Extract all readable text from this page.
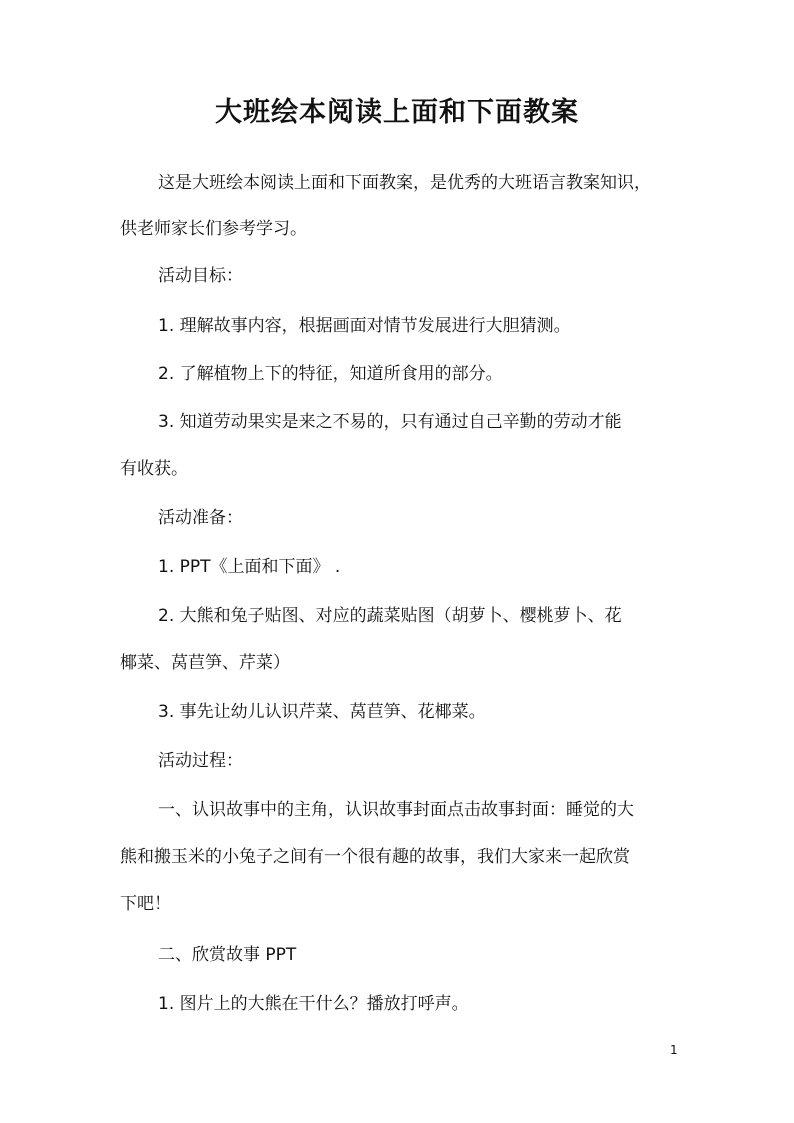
大班绘本阅读上面和下面教案
这是大班绘本阅读上面和下面教案，是优秀的大班语言教案知识，
供老师家长们参考学习。
活动目标：
1. 理解故事内容，根据画面对情节发展进行大胆猜测。
2. 了解植物上下的特征，知道所食用的部分。
3. 知道劳动果实是来之不易的，只有通过自己辛勤的劳动才能
有收获。
活动准备：
1. PPT《上面和下面》 .
2. 大熊和兔子贴图、对应的蔬菜贴图（胡萝卜、樱桃萝卜、花
椰菜、莴苣笋、芹菜）
3. 事先让幼儿认识芹菜、莴苣笋、花椰菜。
活动过程：
一、认识故事中的主角，认识故事封面点击故事封面：睡觉的大
熊和搬玉米的小兔子之间有一个很有趣的故事，我们大家来一起欣赏
下吧！
二、欣赏故事 PPT
1. 图片上的大熊在干什么？播放打呼声。
1
